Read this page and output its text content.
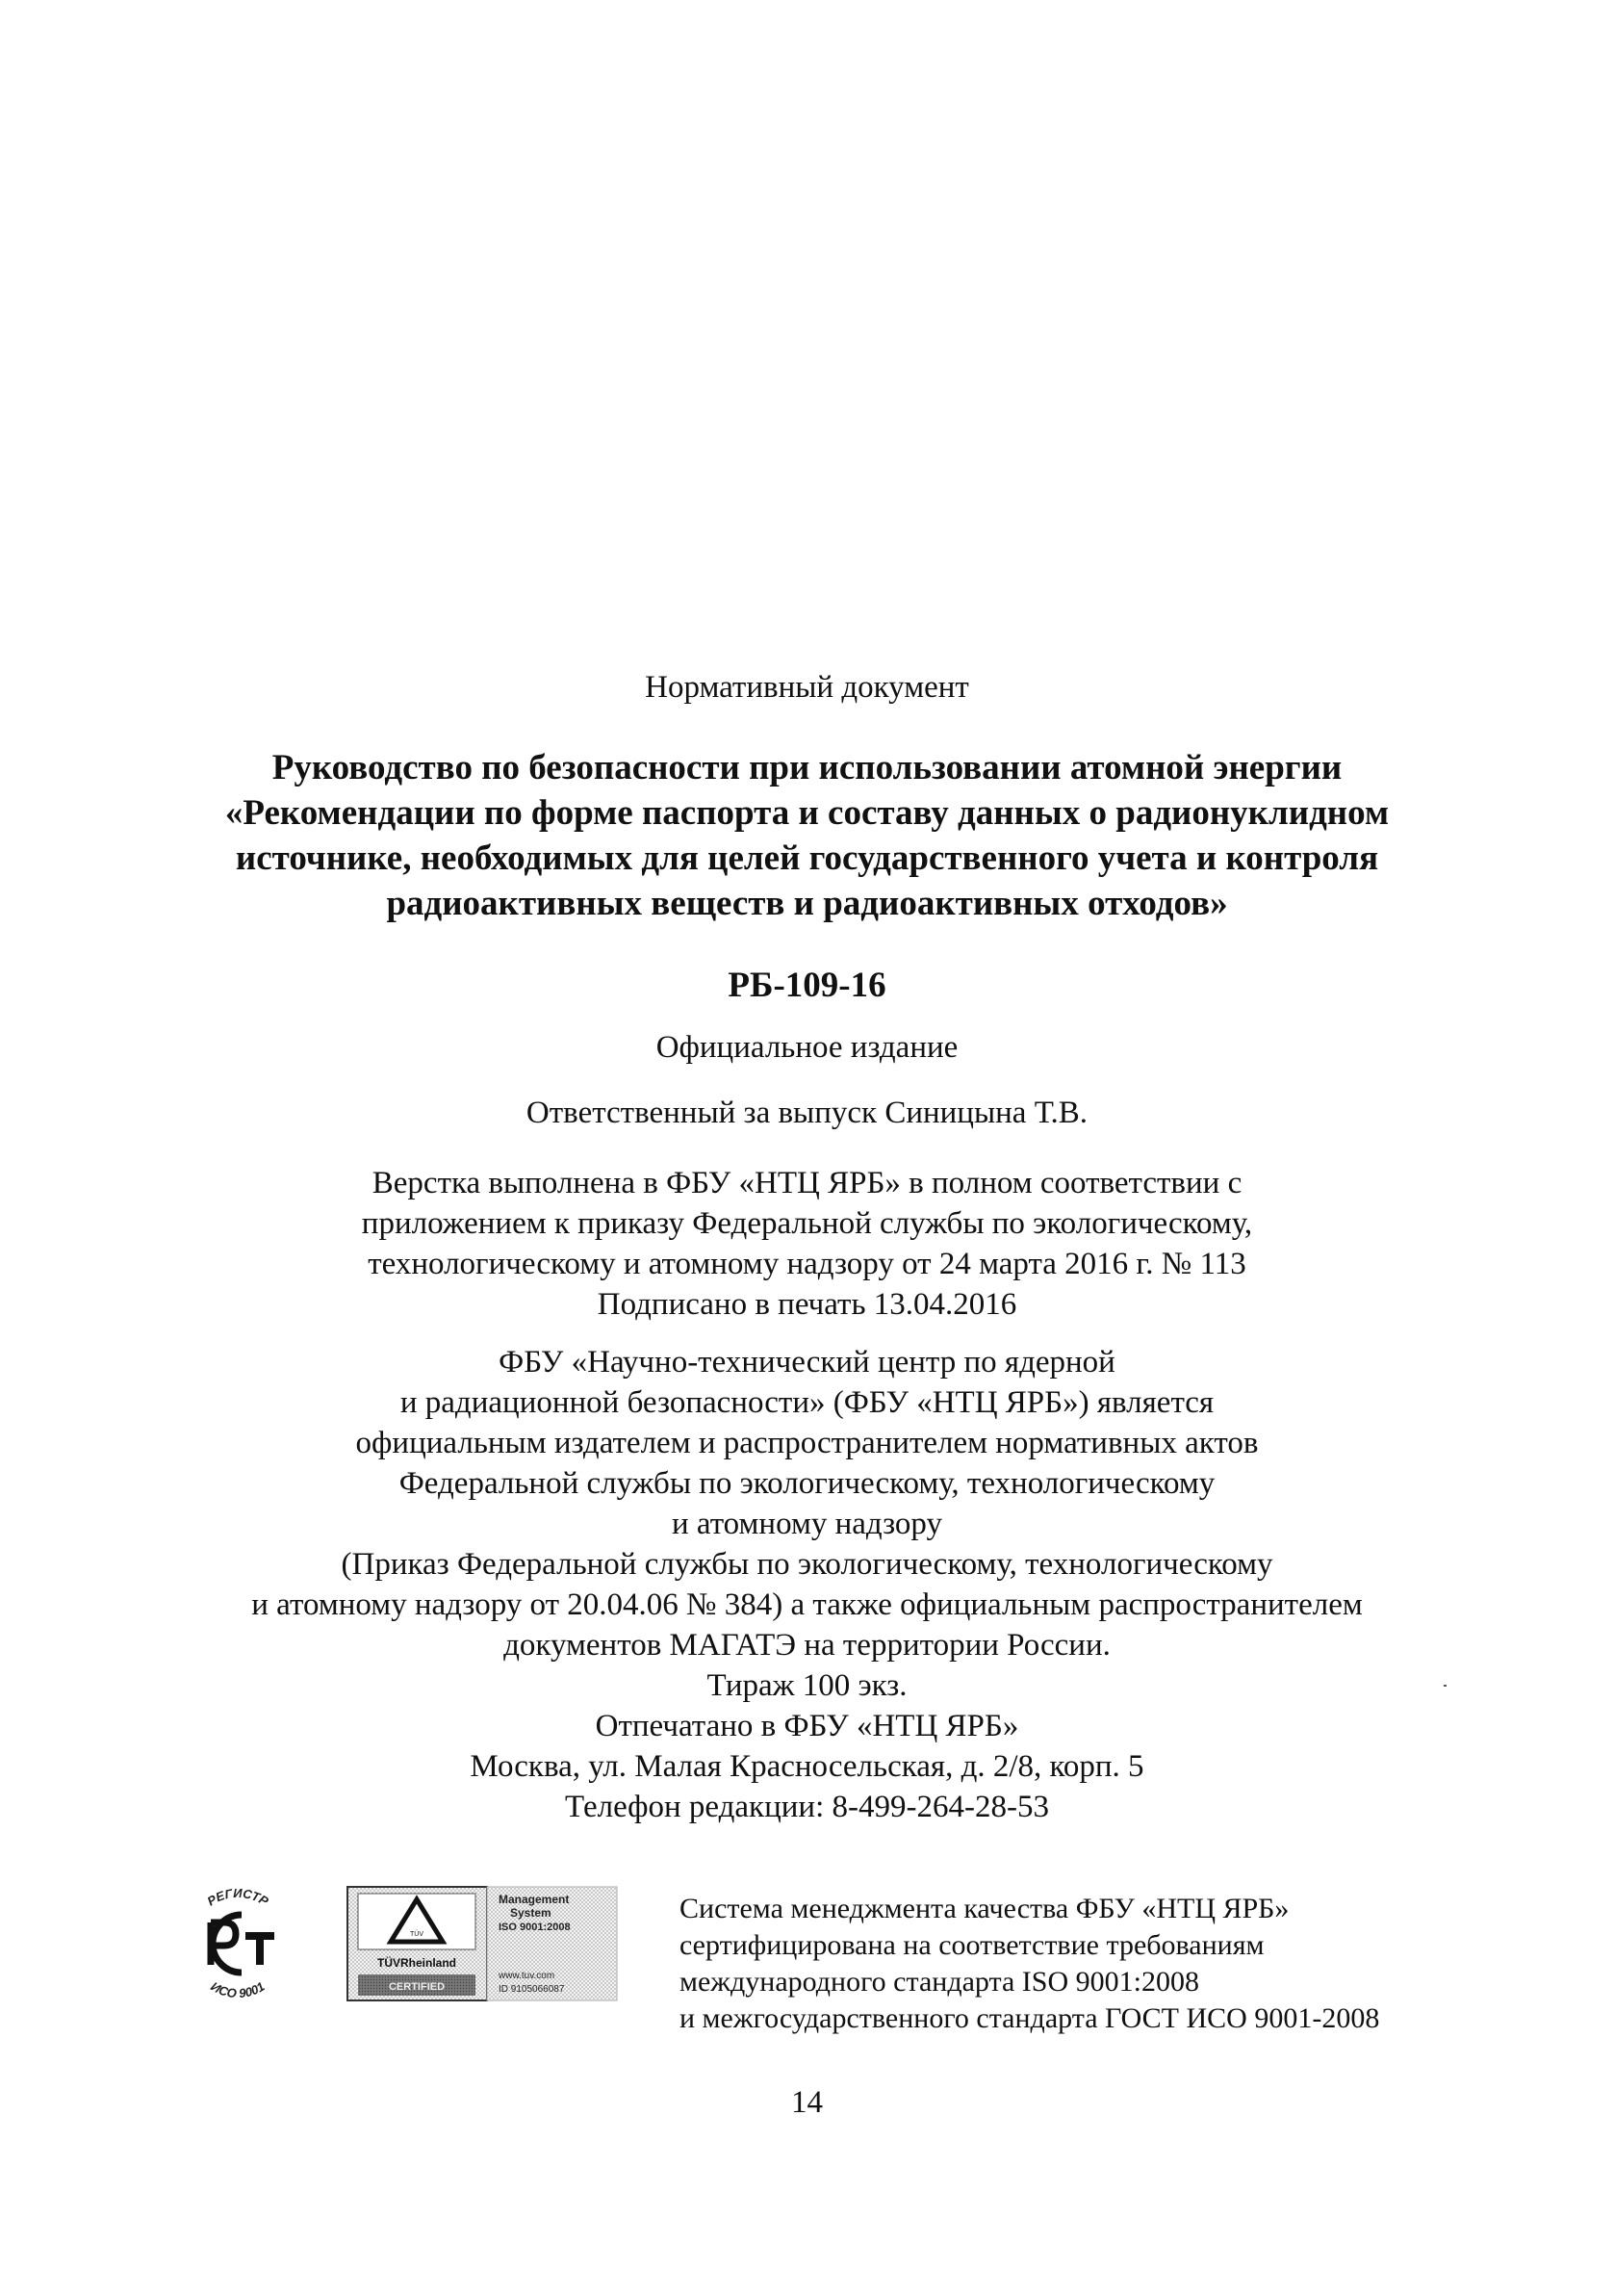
Нормативный документ
Руководство по безопасности при использовании атомной энергии
«Рекомендации по форме паспорта и составу данных о радионуклидном
источнике, необходимых для целей государственного учета и контроля
радиоактивных веществ и радиоактивных отходов»
РБ-109-16
Официальное издание
Ответственный за выпуск Синицына Т.В.
Верстка выполнена в ФБУ «НТЦ ЯРБ» в полном соответствии с
приложением к приказу Федеральной службы по экологическому,
технологическому и атомному надзору от 24 марта 2016 г. № 113
Подписано в печать 13.04.2016
ФБУ «Научно-технический центр по ядерной
и радиационной безопасности» (ФБУ «НТЦ ЯРБ») является
официальным издателем и распространителем нормативных актов
Федеральной службы по экологическому, технологическому
и атомному надзору
(Приказ Федеральной службы по экологическому, технологическому
и атомному надзору от 20.04.06 № 384) а также официальным распространителем
документов МАГАТЭ на территории России.
Тираж 100 экз.
Отпечатано в ФБУ «НТЦ ЯРБ»
Москва, ул. Малая Красносельская, д. 2/8, корп. 5
Телефон редакции: 8-499-264-28-53
РЕГИСТР
ИСО 9001
TÜV
TÜVRheinland
CERTIFIED
Management
System
ISO 9001:2008
www.tuv.com
ID 9105066087
Система менеджмента качества ФБУ «НТЦ ЯРБ»
сертифицирована на соответствие требованиям
международного стандарта ISO 9001:2008
и межгосударственного стандарта ГОСТ ИСО 9001-2008
14
